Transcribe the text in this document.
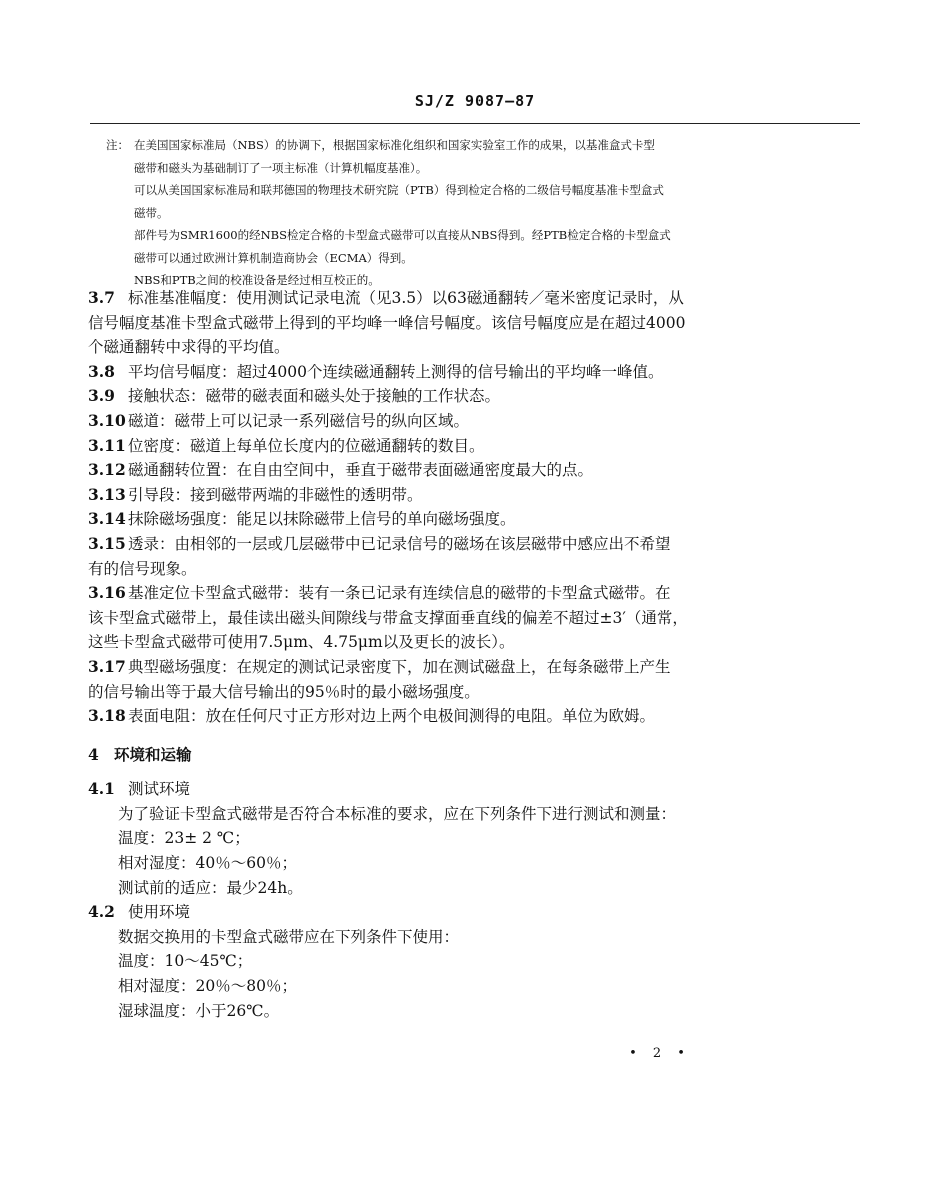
SJ/Z 9087—87
注： 在美国国家标准局（NBS）的协调下，根据国家标准化组织和国家实验室工作的成果，以基准盒式卡型
磁带和磁头为基础制订了一项主标准（计算机幅度基准）。
可以从美国国家标准局和联邦德国的物理技术研究院（PTB）得到检定合格的二级信号幅度基准卡型盒式
磁带。
部件号为SMR1600的经NBS检定合格的卡型盒式磁带可以直接从NBS得到。经PTB检定合格的卡型盒式
磁带可以通过欧洲计算机制造商协会（ECMA）得到。
NBS和PTB之间的校准设备是经过相互校正的。

3.7 标准基准幅度：使用测试记录电流（见3.5）以63磁通翻转／毫米密度记录时，从
信号幅度基准卡型盒式磁带上得到的平均峰一峰信号幅度。该信号幅度应是在超过4000
个磁通翻转中求得的平均值。

3.8 平均信号幅度：超过4000个连续磁通翻转上测得的信号输出的平均峰一峰值。

3.9 接触状态：磁带的磁表面和磁头处于接触的工作状态。

3.10 磁道：磁带上可以记录一系列磁信号的纵向区域。

3.11 位密度：磁道上每单位长度内的位磁通翻转的数目。

3.12 磁通翻转位置：在自由空间中，垂直于磁带表面磁通密度最大的点。

3.13 引导段：接到磁带两端的非磁性的透明带。

3.14 抹除磁场强度：能足以抹除磁带上信号的单向磁场强度。

3.15 透录：由相邻的一层或几层磁带中已记录信号的磁场在该层磁带中感应出不希望
有的信号现象。

3.16 基准定位卡型盒式磁带：装有一条已记录有连续信息的磁带的卡型盒式磁带。在
该卡型盒式磁带上，最佳读出磁头间隙线与带盒支撑面垂直线的偏差不超过±3′（通常，
这些卡型盒式磁带可使用7.5μm、4.75μm以及更长的波长）。

3.17 典型磁场强度：在规定的测试记录密度下，加在测试磁盘上，在每条磁带上产生
的信号输出等于最大信号输出的95％时的最小磁场强度。

3.18 表面电阻：放在任何尺寸正方形对边上两个电极间测得的电阻。单位为欧姆。

4 环境和运输

4.1 测试环境

为了验证卡型盒式磁带是否符合本标准的要求，应在下列条件下进行测试和测量：

温度：23± 2 ℃；

相对湿度：40％～60％；

测试前的适应：最少24h。

4.2 使用环境

数据交换用的卡型盒式磁带应在下列条件下使用：

温度：10～45℃；

相对湿度：20％～80％；

湿球温度：小于26℃。

• 2 •
